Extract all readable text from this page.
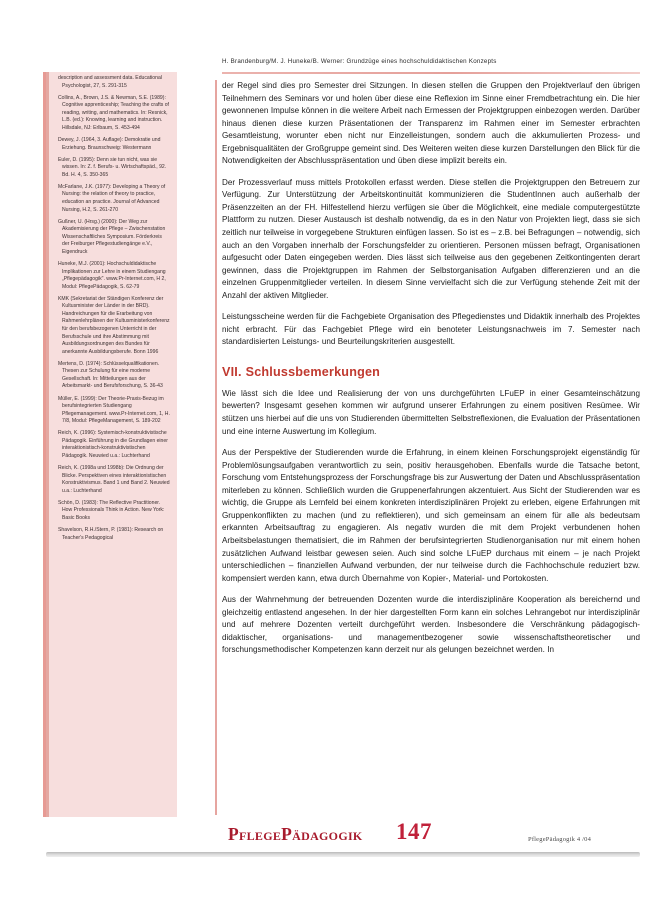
H. Brandenburg/M. J. Huneke/B. Werner: Grundzüge eines hochschuldidaktischen Konzepts

description and assessment data. Educational Psychologist, 27, S. 291-315

Collins, A., Brown, J.S. & Newman, S.E. (1989): Cognitive apprenticeship; Teaching the crafts of reading, writing, and mathematics. In: Resnick, L.B. (ed.): Knowing, learning and instruction. Hillsdale, NJ: Erlbaum, S. 453-494

Dewey, J. (1964, 3. Auflage): Demokratie und Erziehung. Braunschweig: Westermann

Euler, D. (1995): Denn sie tun nicht, was sie wissen. In: Z. f. Berufs- u. Wirtschaftspäd., 92. Bd. H. 4, S. 350-365

McFarlane, J.K. (1977): Developing a Theory of Nursing: the relation of theory to practice, education an practice. Journal of Advanced Nursing, H.2, S. 261-270

Gußner, U. (Hrsg.) (2000): Der Weg zur Akademisierung der Pflege – Zwischenstation Wissenschaftliches Symposium. Förderkreis der Freiburger Pflegestudiengänge e.V., Eigendruck

Huneke, M.J. (2001): Hochschuldidaktische Implikationen zur Lehre in einem Studiengang „Pflegepädagogik". www.Pr-Internet.com, H 2, Modul: PflegePädagogik, S. 62-79

KMK (Sekretariat der Ständigen Konferenz der Kultusminister der Länder in der BRD). Handreichungen für die Erarbeitung von Rahmenlehrplänen der Kultusministerkonferenz für den berufsbezogenen Unterricht in der Berufsschule und ihre Abstimmung mit Ausbildungsordnungen des Bundes für anerkannte Ausbildungsberufe. Bonn 1996

Mertens, D. (1974): Schlüsselqualifikationen. Thesen zur Schulung für eine moderne Gesellschaft. In: Mitteilungen aus der Arbeitsmarkt- und Berufsforschung, S. 36-43

Müller, E. (1999): Der Theorie-Praxis-Bezug im berufsintegrierten Studiengang Pflegemanagement. www.Pr-Internet.com, 1, H. 7/8, Modul: PflegeManagement, S. 189-202

Reich, K. (1996): Systemisch-konstruktivistische Pädagogik. Einführung in die Grundlagen einer interaktionistisch-konstruktivistischen Pädagogik. Neuwied u.a.: Luchterhand

Reich, K. (1998a und 1998b): Die Ordnung der Blicke. Perspektiven eines interaktionistischen Konstruktivismus. Band 1 und Band 2. Neuwied u.a.: Luchterhand

Schön, D. (1983): The Reflective Practitioner. How Professionals Think in Action. New York: Basic Books

Shavelson, R.H./Stern, P. (1981): Research on Teacher's Pedagogical

der Regel sind dies pro Semester drei Sitzungen. In diesen stellen die Gruppen den Projektverlauf den übrigen Teilnehmern des Seminars vor und holen über diese eine Reflexion im Sinne einer Fremdbetrachtung ein. Die hier gewonnenen Impulse können in die weitere Arbeit nach Ermessen der Projektgruppen einbezogen werden. Darüber hinaus dienen diese kurzen Präsentationen der Transparenz im Rahmen einer im Semester erbrachten Gesamtleistung, worunter eben nicht nur Einzelleistungen, sondern auch die akkumulierten Prozess- und Ergebnisqualitäten der Großgruppe gemeint sind. Des Weiteren weiten diese kurzen Darstellungen den Blick für die Notwendigkeiten der Abschlusspräsentation und üben diese implizit bereits ein.

Der Prozessverlauf muss mittels Protokollen erfasst werden. Diese stellen die Projektgruppen den Betreuern zur Verfügung. Zur Unterstützung der Arbeitskontinuität kommunizieren die StudentInnen auch außerhalb der Präsenzzeiten an der FH. Hilfestellend hierzu verfügen sie über die Möglichkeit, eine mediale computergestützte Plattform zu nutzen. Dieser Austausch ist deshalb notwendig, da es in den Natur von Projekten liegt, dass sie sich zeitlich nur teilweise in vorgegebene Strukturen einfügen lassen. So ist es – z.B. bei Befragungen – notwendig, sich auch an den Vorgaben innerhalb der Forschungsfelder zu orientieren. Personen müssen befragt, Organisationen aufgesucht oder Daten eingegeben werden. Dies lässt sich teilweise aus den gegebenen Zeitkontingenten derart gewinnen, dass die Projektgruppen im Rahmen der Selbstorganisation Aufgaben differenzieren und an die einzelnen Gruppenmitglieder verteilen. In diesem Sinne vervielfacht sich die zur Verfügung stehende Zeit mit der Anzahl der aktiven Mitglieder.

Leistungsscheine werden für die Fachgebiete Organisation des Pflegedienstes und Didaktik innerhalb des Projektes nicht erbracht. Für das Fachgebiet Pflege wird ein benoteter Leistungsnachweis im 7. Semester nach standardisierten Leistungs- und Beurteilungskriterien ausgestellt.

VII. Schlussbemerkungen

Wie lässt sich die Idee und Realisierung der von uns durchgeführten LFuEP in einer Gesamteinschätzung bewerten? Insgesamt gesehen kommen wir aufgrund unserer Erfahrungen zu einem positiven Resümee. Wir stützen uns hierbei auf die uns von Studierenden übermittelten Selbstreflexionen, die Evaluation der Präsentationen und eine interne Auswertung im Kollegium.

Aus der Perspektive der Studierenden wurde die Erfahrung, in einem kleinen Forschungsprojekt eigenständig für Problemlösungsaufgaben verantwortlich zu sein, positiv herausgehoben. Ebenfalls wurde die Tatsache betont, Forschung vom Entstehungsprozess der Forschungsfrage bis zur Auswertung der Daten und Abschlusspräsentation miterleben zu können. Schließlich wurden die Gruppenerfahrungen akzentuiert. Aus Sicht der Studierenden war es wichtig, die Gruppe als Lernfeld bei einem konkreten interdisziplinären Projekt zu erleben, eigene Erfahrungen mit Gruppenkonflikten zu machen (und zu reflektieren), und sich gemeinsam an einem für alle als bedeutsam erkannten Arbeitsauftrag zu engagieren. Als negativ wurden die mit dem Projekt verbundenen hohen Arbeitsbelastungen thematisiert, die im Rahmen der berufsintegrierten Studienorganisation nur mit einem hohen zusätzlichen Aufwand leistbar gewesen seien. Auch sind solche LFuEP durchaus mit einem – je nach Projekt unterschiedlichen – finanziellen Aufwand verbunden, der nur teilweise durch die Fachhochschule reduziert bzw. kompensiert werden kann, etwa durch Übernahme von Kopier-, Material- und Portokosten.

Aus der Wahrnehmung der betreuenden Dozenten wurde die interdisziplinäre Kooperation als bereichernd und gleichzeitig entlastend angesehen. In der hier dargestellten Form kann ein solches Lehrangebot nur interdisziplinär und auf mehrere Dozenten verteilt durchgeführt werden. Insbesondere die Verschränkung pädagogisch-didaktischer, organisations- und managementbezogener sowie wissenschaftstheoretischer und forschungsmethodischer Kompetenzen kann derzeit nur als gelungen bezeichnet werden. In

PflegePädagogik 147	PflegePädagogik 4 /04
